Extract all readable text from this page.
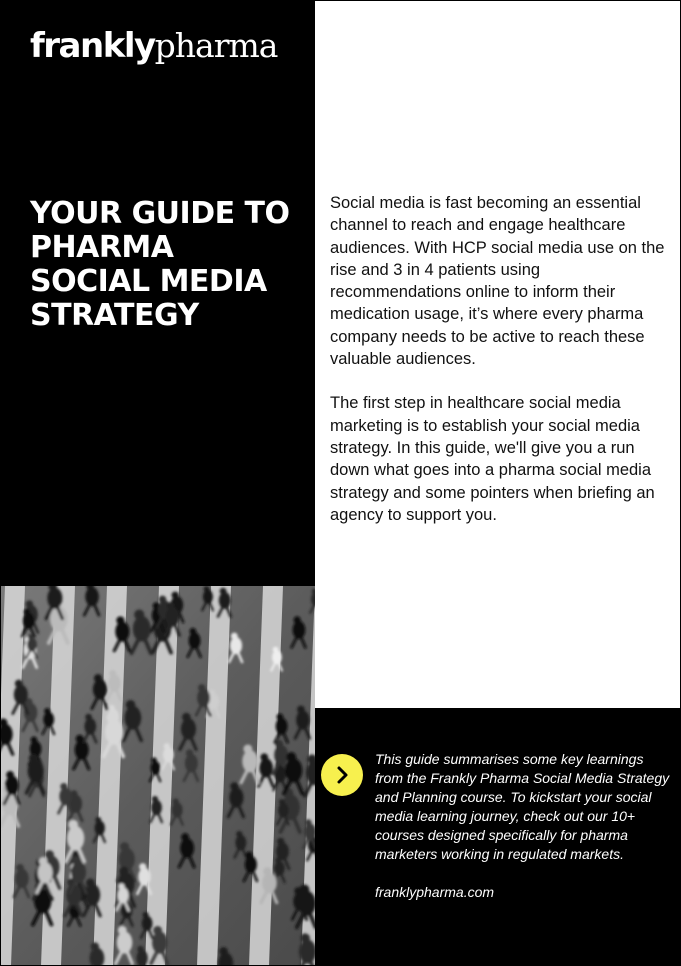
franklypharma
YOUR GUIDE TO
PHARMA
SOCIAL MEDIA
STRATEGY

Social media is fast becoming an essential channel to reach and engage healthcare audiences. With HCP social media use on the rise and 3 in 4 patients using recommendations online to inform their medication usage, it’s where every pharma company needs to be active to reach these valuable audiences.

The first step in healthcare social media marketing is to establish your social media strategy. In this guide, we'll give you a run down what goes into a pharma social media strategy and some pointers when briefing an agency to support you.

This guide summarises some key learnings from the Frankly Pharma Social Media Strategy and Planning course. To kickstart your social media learning journey, check out our 10+ courses designed specifically for pharma marketers working in regulated markets.

franklypharma.com
